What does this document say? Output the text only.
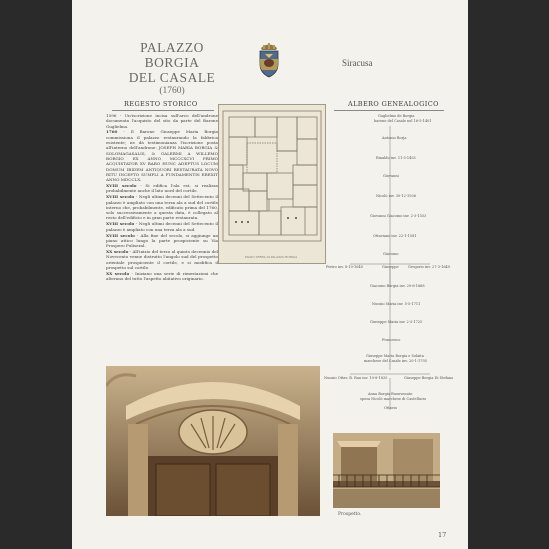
PALAZZO BORGIA
DEL CASALE
(1760)
Siracusa
REGESTO STORICO	ALBERO GENEALOGICO

1596 - Un'iscrizione incisa sull'arco dell'androne documenta l'acquisto del sito da parte del Barone Guglielmo.

1760 - Il Barone Giuseppe Maria Borgia commissiona il palazzo restaurando la fabbrica esistente; ne dà testimonianza l'iscrizione posta all'interno dell'androne: JOSEPH MARIA BORGIA & SOLOMAGASALIS, & GALERMI A WILLEMO BORGIO EX ANNO MCCCXCVI PRIMO ACQUISTATOR XV BARO HUNC ADEPTUS LOCUM DOMUM IBIDEM ANTIQUORI RESTAURATA NOVO RITU INCEPTO SUMPLI A FUNDAMENTIS EREXIT ANNO MDCCLX.

XVIII secolo - Si edifica l'ala est, si realizza probabilmente anche il lato nord del cortile.

XVIII secolo - Negli ultimi decenni del Settecento il palazzo è ampliato con una terza ala a sud del cortile interno che, probabilmente, edificato prima del 1760, solo successivamente a questa data, è collegato al resto dell'edificio e in gran parte restaurata.

XVIII secolo - Negli ultimi decenni del Settecento il palazzo è ampliato con una terza ala a sud.

XVIII secolo - Alla fine del secolo, si aggiunge un piano attico lungo la parte prospiciente su Via Prospero Puliseral.

XX secolo - All'inizio del terzo al quinto decennio del Novecento venne distrutto l'angolo sud del prospetto orientale prospiciente il cortile, e si modifica il prospetto sul cortile.

XX secolo - Iniziano una serie di rimestazioni che alterano del tutto l'aspetto abitativo originario.

PIANO TERRA DI PALAZZO BORGIA
Guglielmo de Borgia
barone del Casale nel 16-5-1401
Antonio Borja
Rinaldo inv. 11-5-1455
Giovanni
Nicolò inv. 30-12-1506
Giovanni Giacomo inv. 2-3-1553
Ottaviano inv. 22-1-1581
Giacomo
Pietro inv. 8-10-1640	Giuseppe	Gregorio inv. 27-3-1649
Giacomo Borgia inv. 20-6-1668
Nunzio Maria inv. 5-5-1711
Giuseppe Maria inv. 2-3-1725
Francesco
Giuseppe Maria Borgia e Solaita
marchese del Casale inv. 20-1-1795
Nunzio Ottav. B. Rau inv. 10-8-1835	Giuseppe Borgia Di Stefano
Anna Borgia Buonvenuto
sposa Nicolò marchese di Castellucio
Ottavio
Prospetto.
17
